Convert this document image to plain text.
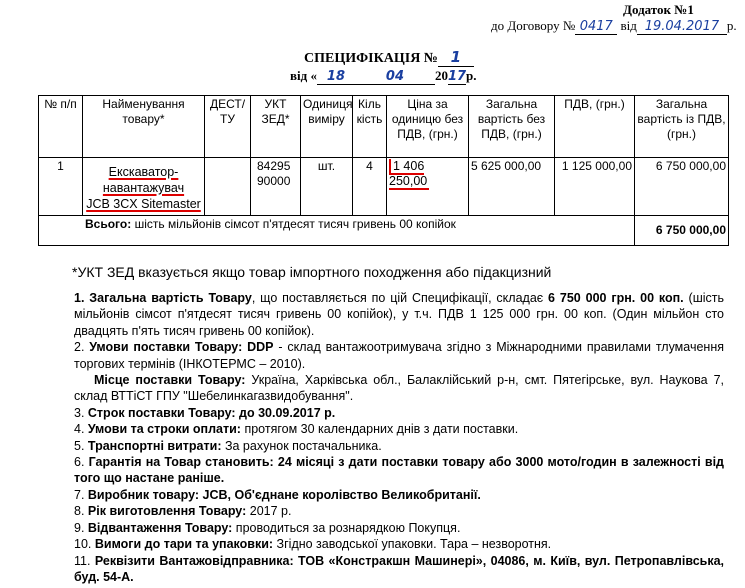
Додаток №1
до Договору № 0417 від 19.04.2017 р.
СПЕЦИФІКАЦІЯ № 1
від « 18	04 2017р.
№ п/п	Найменування товару*	ДЕСТ/ ТУ	УКТ ЗЕД*	Одиниця виміру	Кіль кість	Ціна за одиницю без ПДВ, (грн.)	Загальна вартість без ПДВ, (грн.)	ПДВ, (грн.)	Загальна вартість із ПДВ, (грн.)
1	Екскаватор-
навантажувач
JCB 3CX Sitemaster		84295 90000	шт.	4	1 406 250,00	5 625 000,00	1 125 000,00	6 750 000,00
Всього: шість мільйонів сімсот п'ятдесят тисяч гривень 00 копійок									6 750 000,00
*УКТ ЗЕД вказується якщо товар імпортного походження або підакцизний

1. Загальна вартість Товару, що поставляється по цій Специфікації, складає 6 750 000 грн. 00 коп. (шість мільйонів сімсот п'ятдесят тисяч гривень 00 копійок), у т.ч. ПДВ 1 125 000 грн. 00 коп. (Один мільйон сто двадцять п'ять тисяч гривень 00 копійок).

2. Умови поставки Товару: DDP - склад вантажоотримувача згідно з Міжнародними правилами тлумачення торгових термінів (ІНКОТЕРМС – 2010).

Місце поставки Товару: Україна, Харківська обл., Балаклійський р-н, смт. Пятегірське, вул. Наукова 7, склад ВТТіСТ ГПУ "Шебелинкагазвидобування".

3. Строк поставки Товару: до 30.09.2017 р.

4. Умови та строки оплати: протягом 30 календарних днів з дати поставки.

5. Транспортні витрати: За рахунок постачальника.

6. Гарантія на Товар становить: 24 місяці з дати поставки товару або 3000 мото/годин в залежності від того що настане раніше.

7. Виробник товару: JCB, Об'єднане королівство Великобританії.

8. Рік виготовлення Товару: 2017 р.

9. Відвантаження Товару: проводиться за рознарядкою Покупця.

10. Вимоги до тари та упаковки: Згідно заводської упаковки. Тара – незворотня.

11. Реквізити Вантажовідправника: ТОВ «Констракшн Машинері», 04086, м. Київ, вул. Петропавлівська, буд. 54-А.
